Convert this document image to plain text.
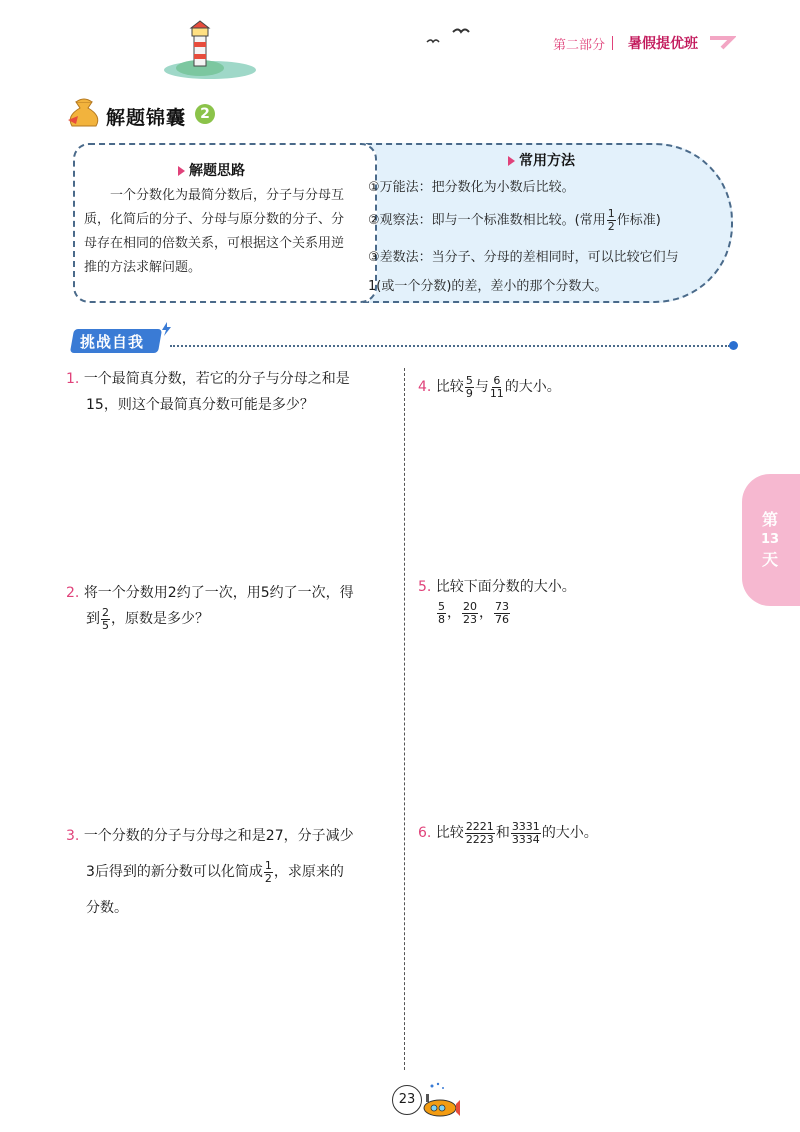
第二部分 暑假提优班
解题锦囊	2
解题思路
一个分数化为最简分数后，分子与分母互质，化简后的分子、分母与原分数的分子、分母存在相同的倍数关系，可根据这个关系用逆推的方法求解问题。
常用方法
①万能法：把分数化为小数后比较。
②观察法：即与一个标准数相比较。(常用 $\frac{1}{2}$ 作标准)
③差数法：当分子、分母的差相同时，可以比较它们与
1(或一个分数)的差，差小的那个分数大。
挑战自我
1. 一个最简真分数，若它的分子与分母之和是
15，则这个最简真分数可能是多少？
2. 将一个分数用2约了一次，用5约了一次，得
到 $\frac{2}{5}$ ，原数是多少？
3. 一个分数的分子与分母之和是27，分子减少
3后得到的新分数可以化简成 $\frac{1}{2}$ ，求原来的
分数。
4. 比较 $\frac{5}{9}$ 与 $\frac{6}{11}$ 的大小。
5. 比较下面分数的大小。

$\frac{5}{8}$ ， $\frac{20}{23}$ ， $\frac{73}{76}$
6. 比较 $\frac{2221}{2223}$ 和 $\frac{3331}{3334}$ 的大小。
第
13
天
23
